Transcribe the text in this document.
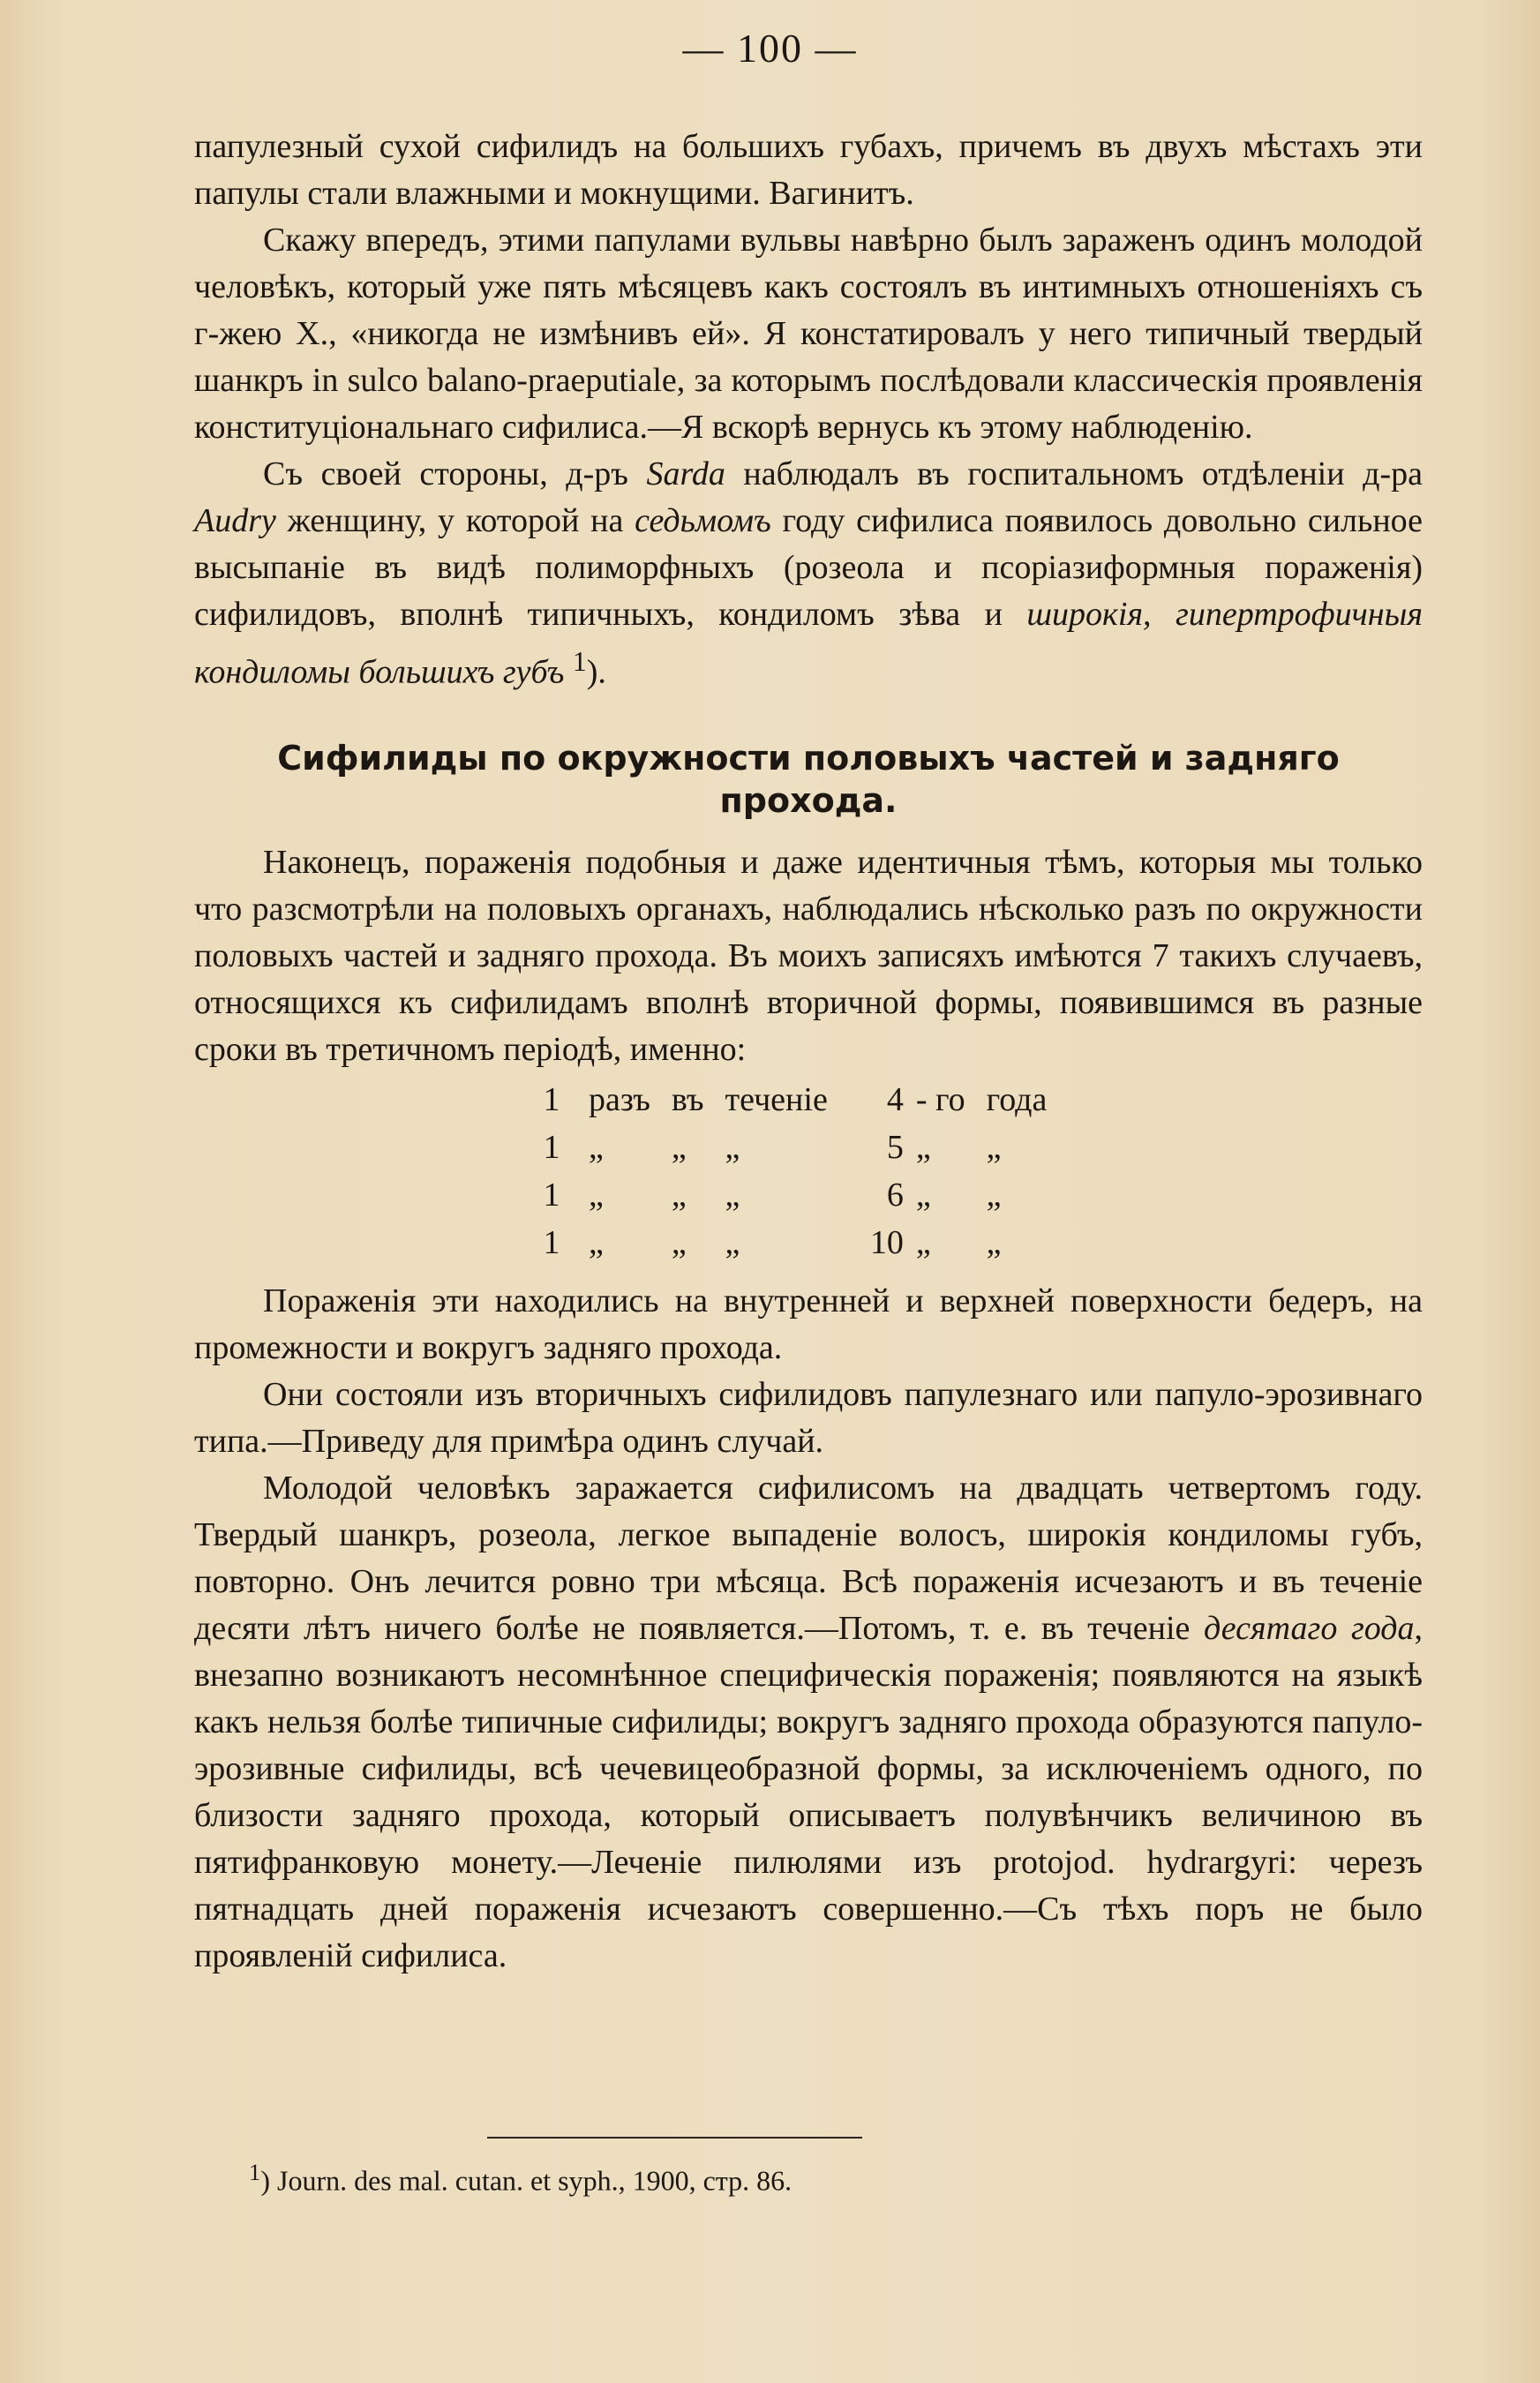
— 100 —

папулезный сухой сифилидъ на большихъ губахъ, причемъ въ двухъ мѣстахъ эти папулы стали влажными и мокнущими. Вагинитъ.

Скажу впередъ, этими папулами вульвы навѣрно былъ зараженъ одинъ молодой человѣкъ, который уже пять мѣсяцевъ какъ состоялъ въ интимныхъ отношеніяхъ съ г-жею X., «никогда не измѣнивъ ей». Я констатировалъ у него типичный твердый шанкръ in sulco balano-praeputiale, за которымъ послѣдовали классическія проявленія конституціональнаго сифилиса.—Я вскорѣ вернусь къ этому наблюденію.

Съ своей стороны, д-ръ Sarda наблюдалъ въ госпитальномъ отдѣленіи д-ра Audry женщину, у которой на седьмомъ году сифилиса появилось довольно сильное высыпаніе въ видѣ полиморфныхъ (розеола и псоріазиформныя пораженія) сифилидовъ, вполнѣ типичныхъ, кондиломъ зѣва и широкія, гипертрофичныя кондиломы большихъ губъ $^1$).

Сифилиды по окружности половыхъ частей и задняго прохода.

Наконецъ, пораженія подобныя и даже идентичныя тѣмъ, которыя мы только что разсмотрѣли на половыхъ органахъ, наблюдались нѣсколько разъ по окружности половыхъ частей и задняго прохода. Въ моихъ записяхъ имѣются 7 такихъ случаевъ, относящихся къ сифилидамъ вполнѣ вторичной формы, появившимся въ разные сроки въ третичномъ періодѣ, именно:

1	разъ	въ	теченіе	4	- го	года
1	„	„	„	5	„	„
1	„	„	„	6	„	„
1	„	„	„	10	„	„

Пораженія эти находились на внутренней и верхней поверхности бедеръ, на промежности и вокругъ задняго прохода.

Они состояли изъ вторичныхъ сифилидовъ папулезнаго или папуло-эрозивнаго типа.—Приведу для примѣра одинъ случай.

Молодой человѣкъ заражается сифилисомъ на двадцать четвертомъ году. Твердый шанкръ, розеола, легкое выпаденіе волосъ, широкія кондиломы губъ, повторно. Онъ лечится ровно три мѣсяца. Всѣ пораженія исчезаютъ и въ теченіе десяти лѣтъ ничего болѣе не появляется.—Потомъ, т. е. въ теченіе десятаго года, внезапно возникаютъ несомнѣнное специфическія пораженія; появляются на языкѣ какъ нельзя болѣе типичные сифилиды; вокругъ задняго прохода образуются папуло-эрозивные сифилиды, всѣ чечевицеобразной формы, за исключеніемъ одного, по близости задняго прохода, который описываетъ полувѣнчикъ величиною въ пятифранковую монету.—Леченіе пилюлями изъ protojod. hydrargyri: черезъ пятнадцать дней пораженія исчезаютъ совершенно.—Съ тѣхъ поръ не было проявленій сифилиса.

$^1$) Journ. des mal. cutan. et syph., 1900, стр. 86.
